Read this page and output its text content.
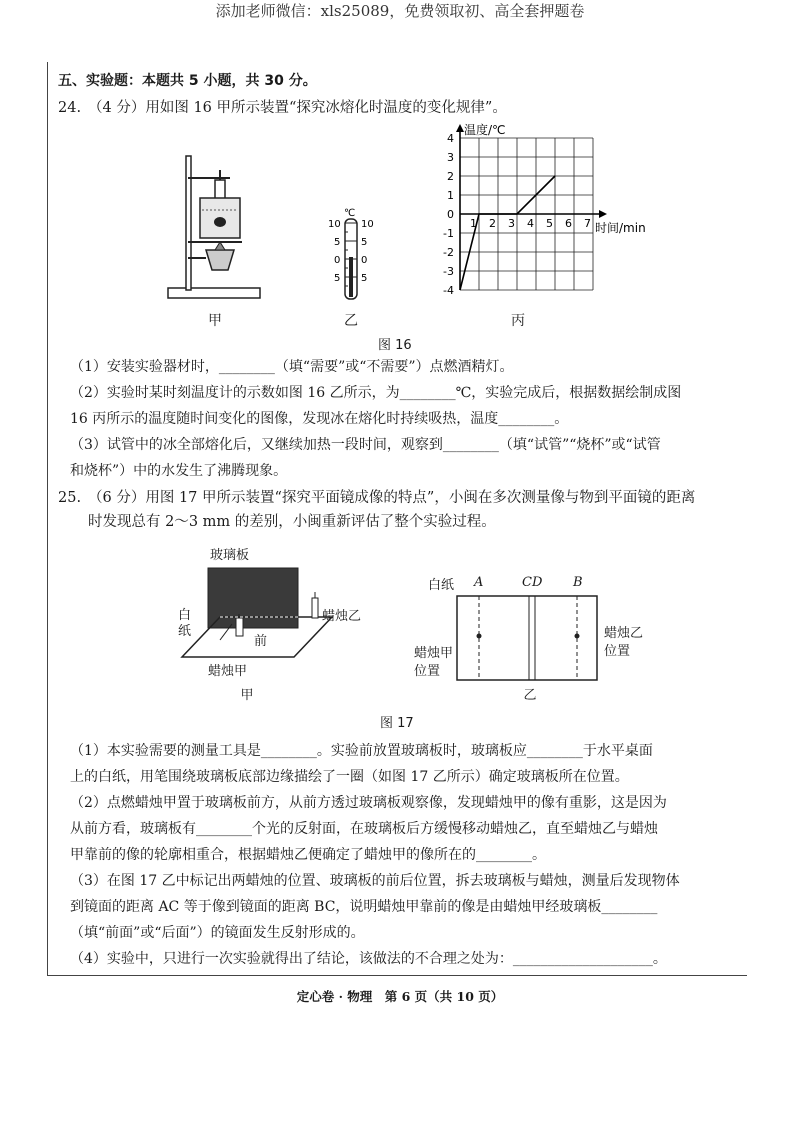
添加老师微信：xls25089，免费领取初、高全套押题卷
五、实验题：本题共 5 小题，共 30 分。
24. （4 分）用如图 16 甲所示装置“探究冰熔化时温度的变化规律”。
甲
℃
10
5
0
5
10
5
0
5
乙
温度/℃
时间/min
4
3
2
1
0
-1
-2
-3
-4
1 2 3 4 5 6 7
丙
图 16
（1）安装实验器材时，________（填“需要”或“不需要”）点燃酒精灯。
（2）实验时某时刻温度计的示数如图 16 乙所示，为________℃，实验完成后，根据数据绘制成图
16 丙所示的温度随时间变化的图像，发现冰在熔化时持续吸热，温度________。
（3）试管中的冰全部熔化后，又继续加热一段时间，观察到________（填“试管”“烧杯”或“试管
和烧杯”）中的水发生了沸腾现象。
25. （6 分）用图 17 甲所示装置“探究平面镜成像的特点”，小闽在多次测量像与物到平面镜的距离
时发现总有 2～3 mm 的差别，小闽重新评估了整个实验过程。
玻璃板
白
纸
前
蜡烛乙
蜡烛甲
甲
白纸 A	CD B
蜡烛甲
位置
蜡烛乙
位置
乙
图 17
（1）本实验需要的测量工具是________。实验前放置玻璃板时，玻璃板应________于水平桌面
上的白纸，用笔围绕玻璃板底部边缘描绘了一圈（如图 17 乙所示）确定玻璃板所在位置。
（2）点燃蜡烛甲置于玻璃板前方，从前方透过玻璃板观察像，发现蜡烛甲的像有重影，这是因为
从前方看，玻璃板有________个光的反射面，在玻璃板后方缓慢移动蜡烛乙，直至蜡烛乙与蜡烛
甲靠前的像的轮廓相重合，根据蜡烛乙便确定了蜡烛甲的像所在的________。
（3）在图 17 乙中标记出两蜡烛的位置、玻璃板的前后位置，拆去玻璃板与蜡烛，测量后发现物体
到镜面的距离 AC 等于像到镜面的距离 BC，说明蜡烛甲靠前的像是由蜡烛甲经玻璃板________
（填“前面”或“后面”）的镜面发生反射形成的。
（4）实验中，只进行一次实验就得出了结论，该做法的不合理之处为：____________________。
定心卷 · 物理　第 6 页（共 10 页）
